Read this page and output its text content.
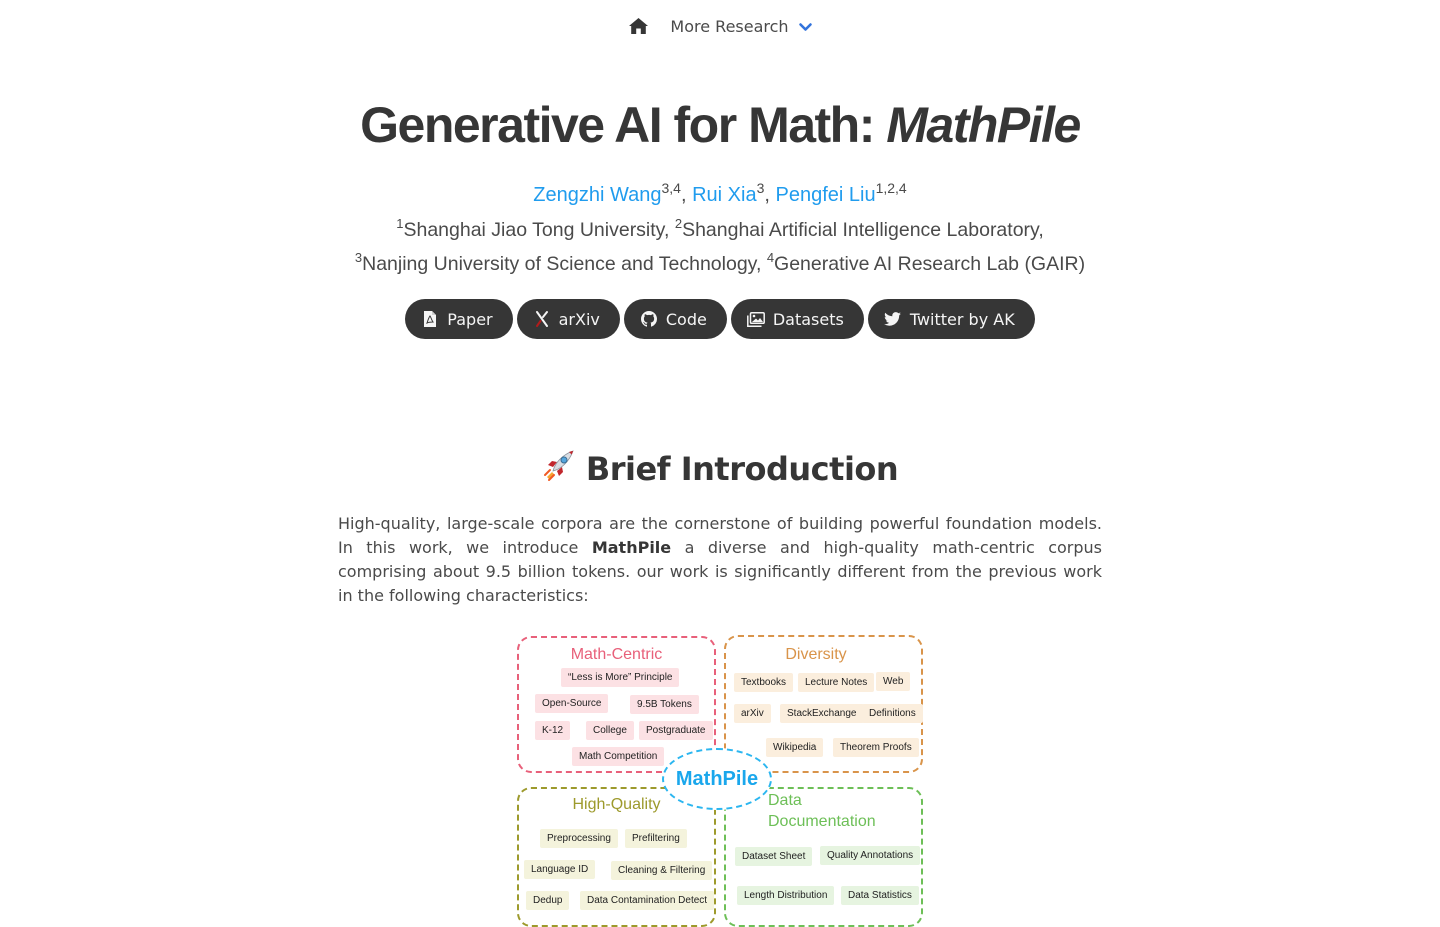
More Research
Generative AI for Math: MathPile
Zengzhi Wang$^{3,4}$, Rui Xia$^3$, Pengfei Liu$^{1,2,4}$
$^1$Shanghai Jiao Tong University, $^2$Shanghai Artificial Intelligence Laboratory,
$^3$Nanjing University of Science and Technology, $^4$Generative AI Research Lab (GAIR)
Paper	arXiv	Code	Datasets	Twitter by AK
Brief Introduction

High-quality, large-scale corpora are the cornerstone of building powerful foundation models. In this work, we introduce MathPile a diverse and high-quality math-centric corpus comprising about 9.5 billion tokens. our work is significantly different from the previous work in the following characteristics:

Math-Centric
“Less is More” Principle
Open-Source	9.5B Tokens
K-12	College	Postgraduate
Math Competition
Diversity
Textbooks	Lecture Notes	Web
arXiv	StackExchange	Definitions
Wikipedia	Theorem Proofs
High-Quality
Preprocessing	Prefiltering
Language ID	Cleaning & Filtering
Dedup	Data Contamination Detect
Data
Documentation
Dataset Sheet	Quality Annotations
Length Distribution	Data Statistics
MathPile
